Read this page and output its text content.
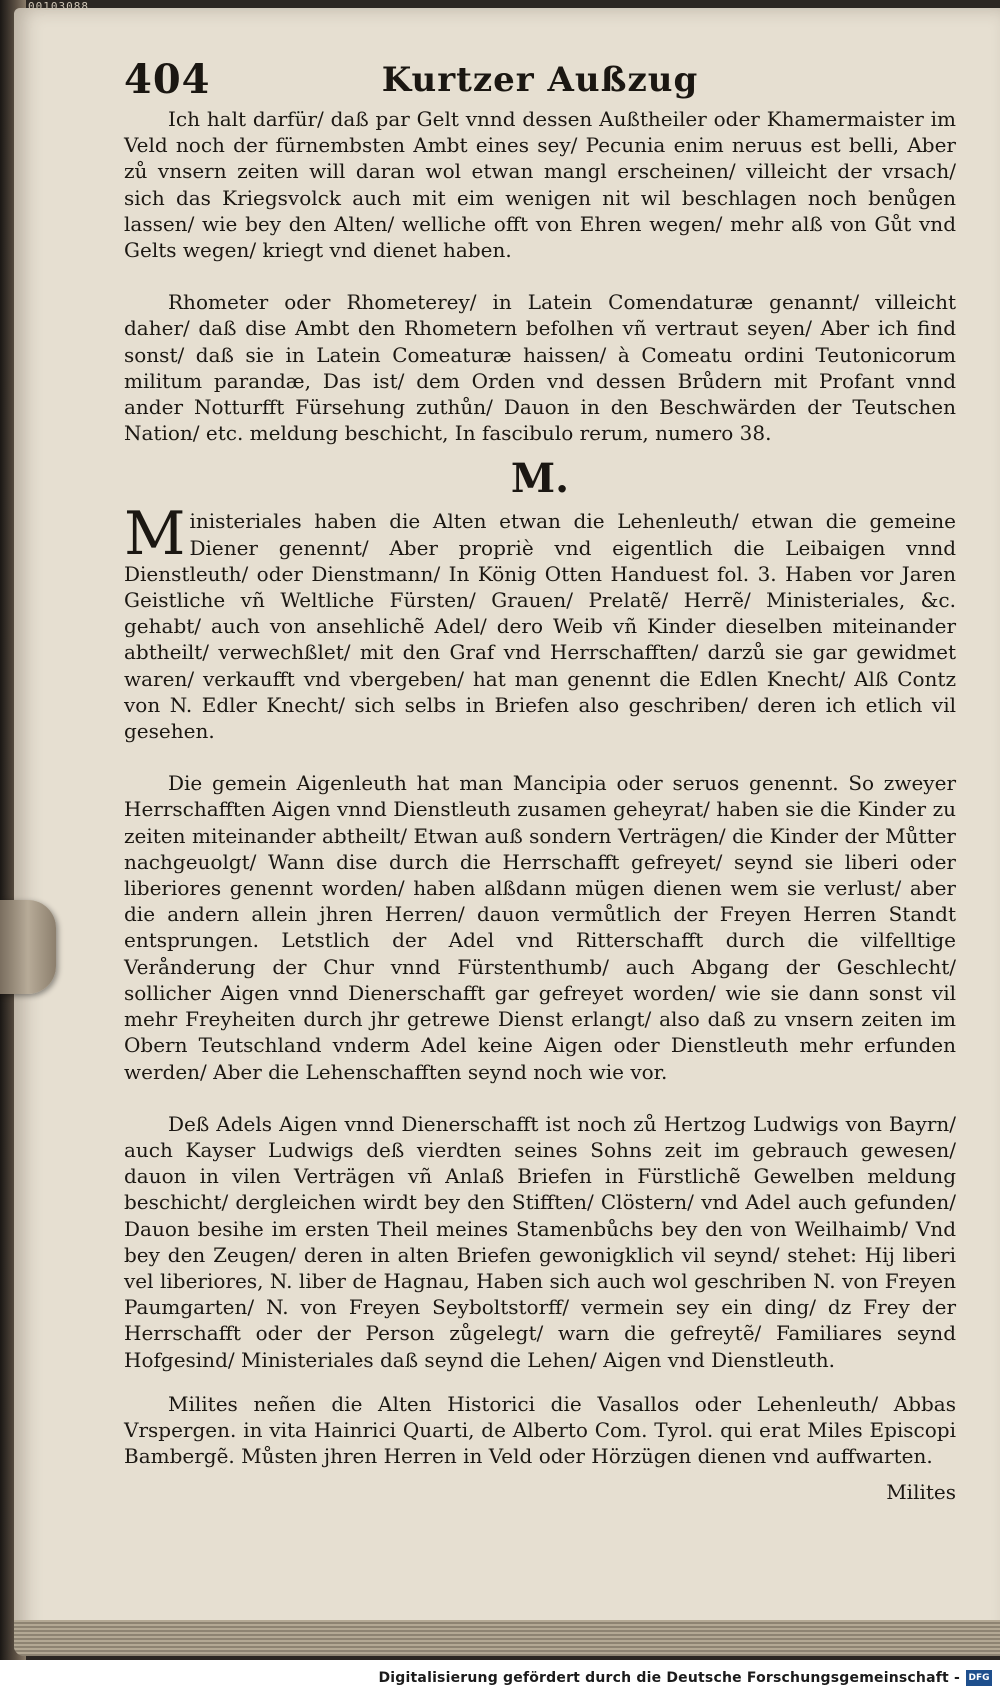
00103088
404	Kurtzer Außzug

Ich halt darfür/ daß par Gelt vnnd dessen Außtheiler oder Khamermaister im Veld noch der fürnembsten Ambt eines sey/ Pecunia enim neruus est belli, Aber zů vnsern zeiten will daran wol etwan mangl erscheinen/ villeicht der vrsach/ sich das Kriegsvolck auch mit eim wenigen nit wil beschlagen noch benůgen lassen/ wie bey den Alten/ welliche offt von Ehren wegen/ mehr alß von Gůt vnd Gelts wegen/ kriegt vnd dienet haben.

Rhometer oder Rhometerey/ in Latein Comendaturæ genannt/ villeicht daher/ daß dise Ambt den Rhometern befolhen vñ vertraut seyen/ Aber ich find sonst/ daß sie in Latein Comeaturæ haissen/ à Comeatu ordini Teutonicorum militum parandæ, Das ist/ dem Orden vnd dessen Brůdern mit Profant vnnd ander Notturfft Fürsehung zuthůn/ Dauon in den Beschwärden der Teutschen Nation/ etc. meldung beschicht, In fascibulo rerum, numero 38.

M.

M inisteriales haben die Alten etwan die Lehenleuth/ etwan die gemeine Diener genennt/ Aber propriè vnd eigentlich die Leibaigen vnnd Dienstleuth/ oder Dienstmann/ In König Otten Handuest fol. 3. Haben vor Jaren Geistliche vñ Weltliche Fürsten/ Grauen/ Prelatẽ/ Herrẽ/ Ministeriales, &c. gehabt/ auch von ansehlichẽ Adel/ dero Weib vñ Kinder dieselben miteinander abtheilt/ verwechßlet/ mit den Graf vnd Herrschafften/ darzů sie gar gewidmet waren/ verkaufft vnd vbergeben/ hat man genennt die Edlen Knecht/ Alß Contz von N. Edler Knecht/ sich selbs in Briefen also geschriben/ deren ich etlich vil gesehen.

Die gemein Aigenleuth hat man Mancipia oder seruos genennt. So zweyer Herrschafften Aigen vnnd Dienstleuth zusamen geheyrat/ haben sie die Kinder zu zeiten miteinander abtheilt/ Etwan auß sondern Verträgen/ die Kinder der Můtter nachgeuolgt/ Wann dise durch die Herrschafft gefreyet/ seynd sie liberi oder liberiores genennt worden/ haben alßdann mügen dienen wem sie verlust/ aber die andern allein jhren Herren/ dauon vermůtlich der Freyen Herren Standt entsprungen. Letstlich der Adel vnd Ritterschafft durch die vilfelltige Verånderung der Chur vnnd Fürstenthumb/ auch Abgang der Geschlecht/ sollicher Aigen vnnd Dienerschafft gar gefreyet worden/ wie sie dann sonst vil mehr Freyheiten durch jhr getrewe Dienst erlangt/ also daß zu vnsern zeiten im Obern Teutschland vnderm Adel keine Aigen oder Dienstleuth mehr erfunden werden/ Aber die Lehenschafften seynd noch wie vor.

Deß Adels Aigen vnnd Dienerschafft ist noch zů Hertzog Ludwigs von Bayrn/ auch Kayser Ludwigs deß vierdten seines Sohns zeit im gebrauch gewesen/ dauon in vilen Verträgen vñ Anlaß Briefen in Fürstlichẽ Gewelben meldung beschicht/ dergleichen wirdt bey den Stifften/ Clöstern/ vnd Adel auch gefunden/ Dauon besihe im ersten Theil meines Stamenbůchs bey den von Weilhaimb/ Vnd bey den Zeugen/ deren in alten Briefen gewonigklich vil seynd/ stehet: Hij liberi vel liberiores, N. liber de Hagnau, Haben sich auch wol geschriben N. von Freyen Paumgarten/ N. von Freyen Seyboltstorff/ vermein sey ein ding/ dz Frey der Herrschafft oder der Person zůgelegt/ warn die gefreytẽ/ Familiares seynd Hofgesind/ Ministeriales daß seynd die Lehen/ Aigen vnd Dienstleuth.

Milites neñen die Alten Historici die Vasallos oder Lehenleuth/ Abbas Vrspergen. in vita Hainrici Quarti, de Alberto Com. Tyrol. qui erat Miles Episcopi Bambergẽ. Můsten jhren Herren in Veld oder Hörzügen dienen vnd auffwarten.

Milites
Digitalisierung gefördert durch die Deutsche Forschungsgemeinschaft - DFG
